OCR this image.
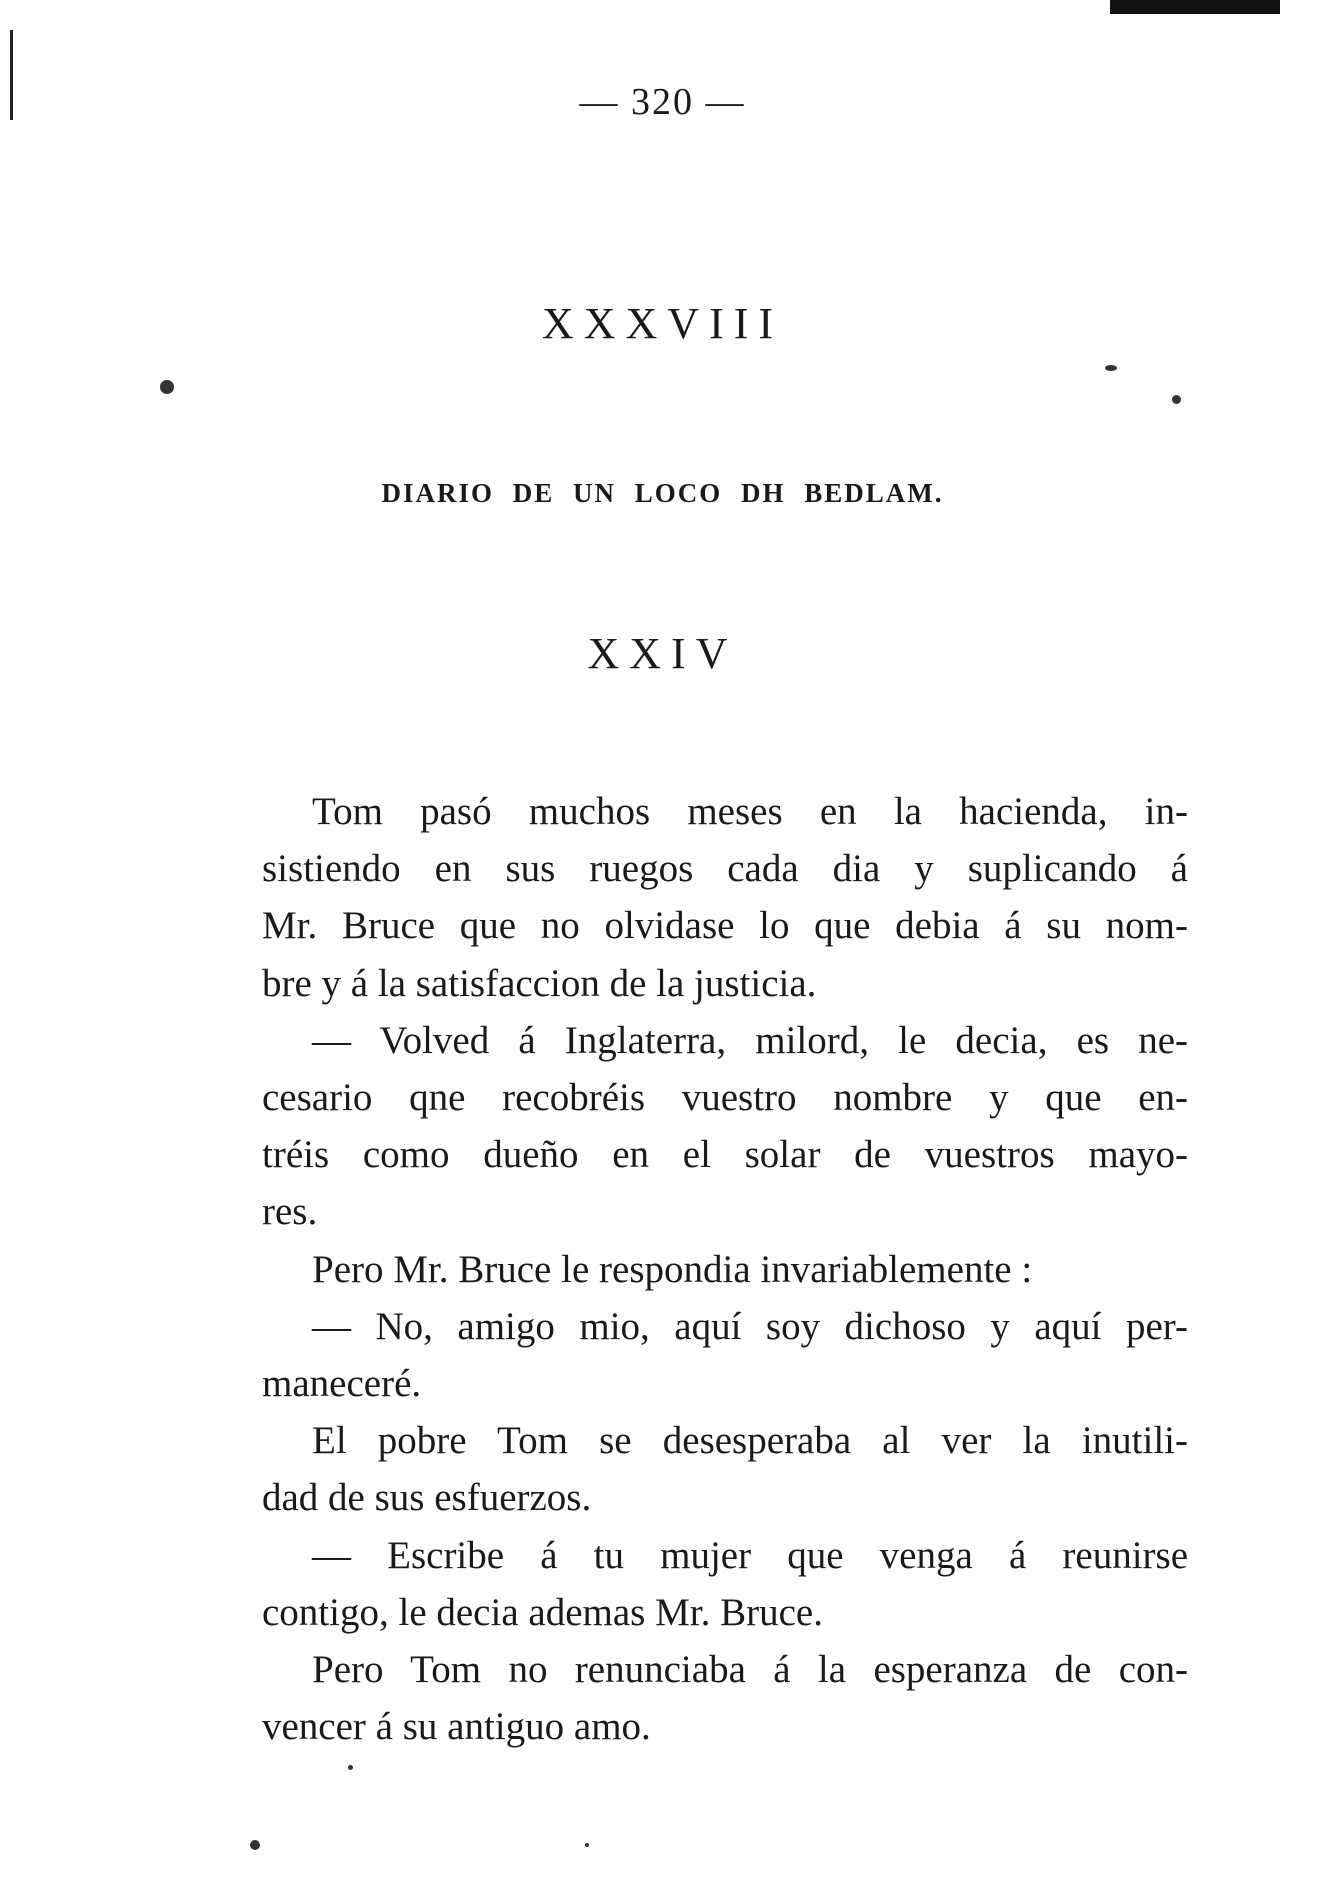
— 320 —
XXXVIII
DIARIO DE UN LOCO DH BEDLAM.
XXIV
Tom pasó muchos meses en la hacienda, in-
sistiendo en sus ruegos cada dia y suplicando á
Mr. Bruce que no olvidase lo que debia á su nom-
bre y á la satisfaccion de la justicia.
— Volved á Inglaterra, milord, le decia, es ne-
cesario qne recobréis vuestro nombre y que en-
tréis como dueño en el solar de vuestros mayo-
res.
Pero Mr. Bruce le respondia invariablemente :
— No, amigo mio, aquí soy dichoso y aquí per-
maneceré.
El pobre Tom se desesperaba al ver la inutili-
dad de sus esfuerzos.
— Escribe á tu mujer que venga á reunirse
contigo, le decia ademas Mr. Bruce.
Pero Tom no renunciaba á la esperanza de con-
vencer á su antiguo amo.
